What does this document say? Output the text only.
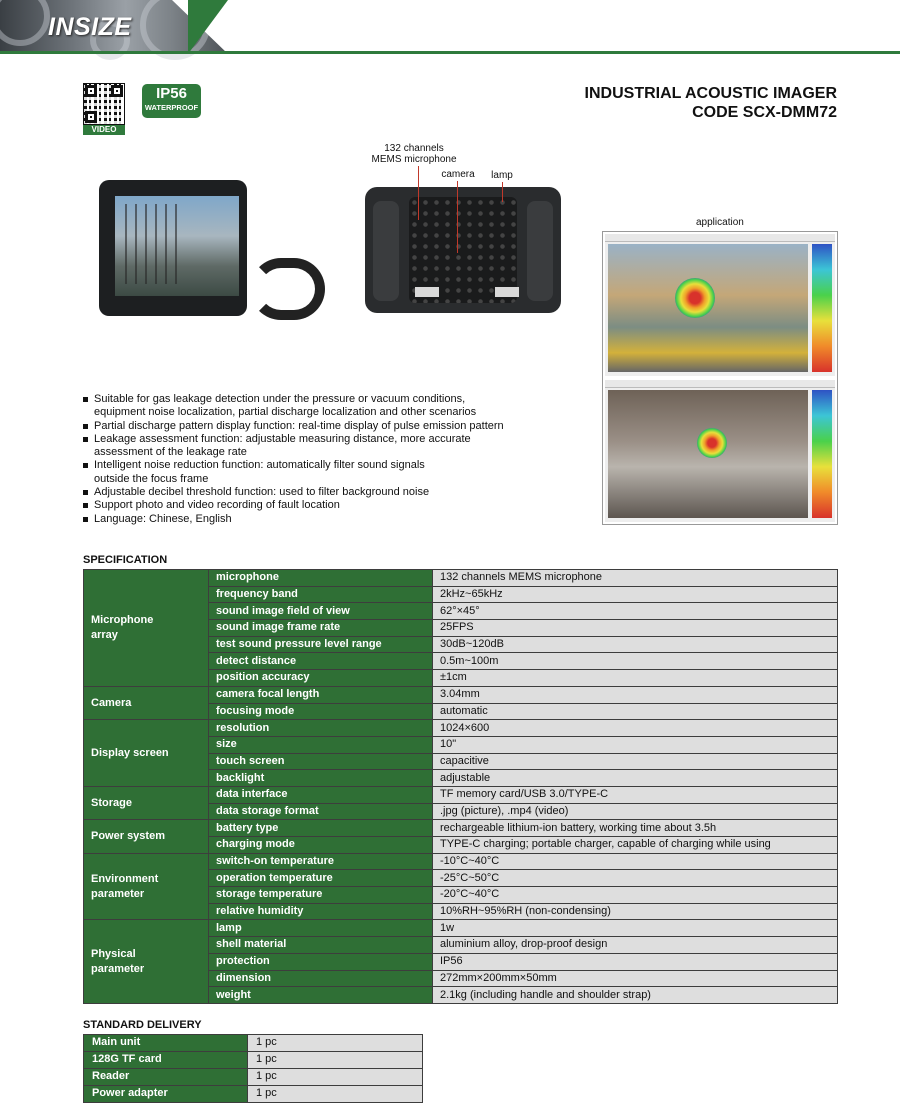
INSIZE
VIDEO
IP56
WATERPROOF
INDUSTRIAL ACOUSTIC IMAGER
CODE SCX-DMM72
132 channels
MEMS microphone
camera	lamp
application
Suitable for gas leakage detection under the pressure or vacuum conditions, equipment noise localization, partial discharge localization and other scenarios
Partial discharge pattern display function: real-time display of pulse emission pattern
Leakage assessment function: adjustable measuring distance, more accurate assessment of the leakage rate
Intelligent noise reduction function: automatically filter sound signals outside the focus frame
Adjustable decibel threshold function: used to filter background noise
Support photo and video recording of fault location
Language: Chinese, English
SPECIFICATION
Microphone
array	microphone	132 channels MEMS microphone
	frequency band	2kHz~65kHz
	sound image field of view	62°×45°
	sound image frame rate	25FPS
	test sound pressure level range	30dB~120dB
	detect distance	0.5m~100m
	position accuracy	±1cm
Camera	camera focal length	3.04mm
	focusing mode	automatic
Display screen	resolution	1024×600
	size	10"
	touch screen	capacitive
	backlight	adjustable
Storage	data interface	TF memory card/USB 3.0/TYPE-C
	data storage format	.jpg (picture), .mp4 (video)
Power system	battery type	rechargeable lithium-ion battery, working time about 3.5h
	charging mode	TYPE-C charging; portable charger, capable of charging while using
Environment
parameter	switch-on temperature	-10°C~40°C
	operation temperature	-25°C~50°C
	storage temperature	-20°C~40°C
	relative humidity	10%RH~95%RH (non-condensing)
Physical
parameter	lamp	1w
	shell material	aluminium alloy, drop-proof design
	protection	IP56
	dimension	272mm×200mm×50mm
	weight	2.1kg (including handle and shoulder strap)
STANDARD DELIVERY
Main unit	1 pc
128G TF card	1 pc
Reader	1 pc
Power adapter	1 pc
